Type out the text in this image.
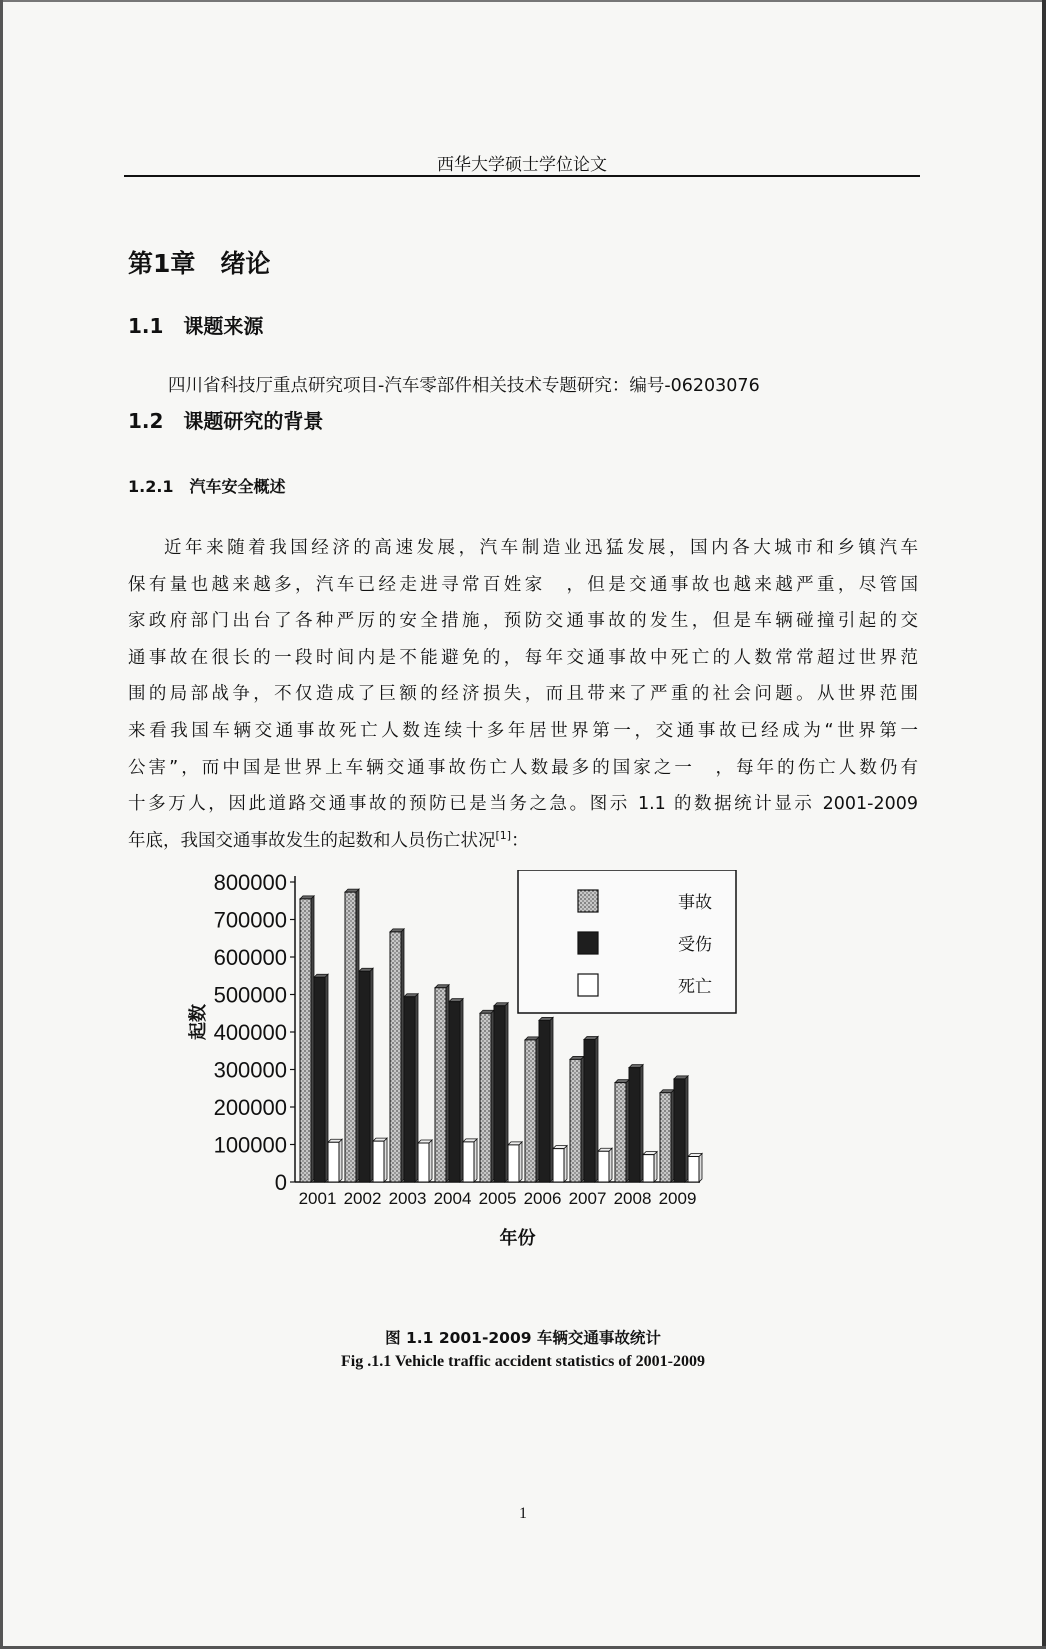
西华大学硕士学位论文
第1章　绪论
1.1　课题来源
四川省科技厅重点研究项目-汽车零部件相关技术专题研究：编号-06203076
1.2　课题研究的背景
1.2.1　汽车安全概述
近年来随着我国经济的高速发展，汽车制造业迅猛发展，国内各大城市和乡镇汽车
保有量也越来越多，汽车已经走进寻常百姓家　，但是交通事故也越来越严重，尽管国
家政府部门出台了各种严厉的安全措施，预防交通事故的发生，但是车辆碰撞引起的交
通事故在很长的一段时间内是不能避免的，每年交通事故中死亡的人数常常超过世界范
围的局部战争，不仅造成了巨额的经济损失，而且带来了严重的社会问题。从世界范围
来看我国车辆交通事故死亡人数连续十多年居世界第一，交通事故已经成为“世界第一
公害”，而中国是世界上车辆交通事故伤亡人数最多的国家之一　，每年的伤亡人数仍有
十多万人，因此道路交通事故的预防已是当务之急。图示 1.1 的数据统计显示 2001-2009
年底，我国交通事故发生的起数和人员伤亡状况[1]：
0
100000
200000
300000
400000
500000
600000
700000
800000
2001 2002 2003 2004 2005 2006 2007 2008 2009
年份
起数
事故
受伤
死亡
图 1.1 2001-2009 车辆交通事故统计
Fig .1.1 Vehicle traffic accident statistics of 2001-2009
1
